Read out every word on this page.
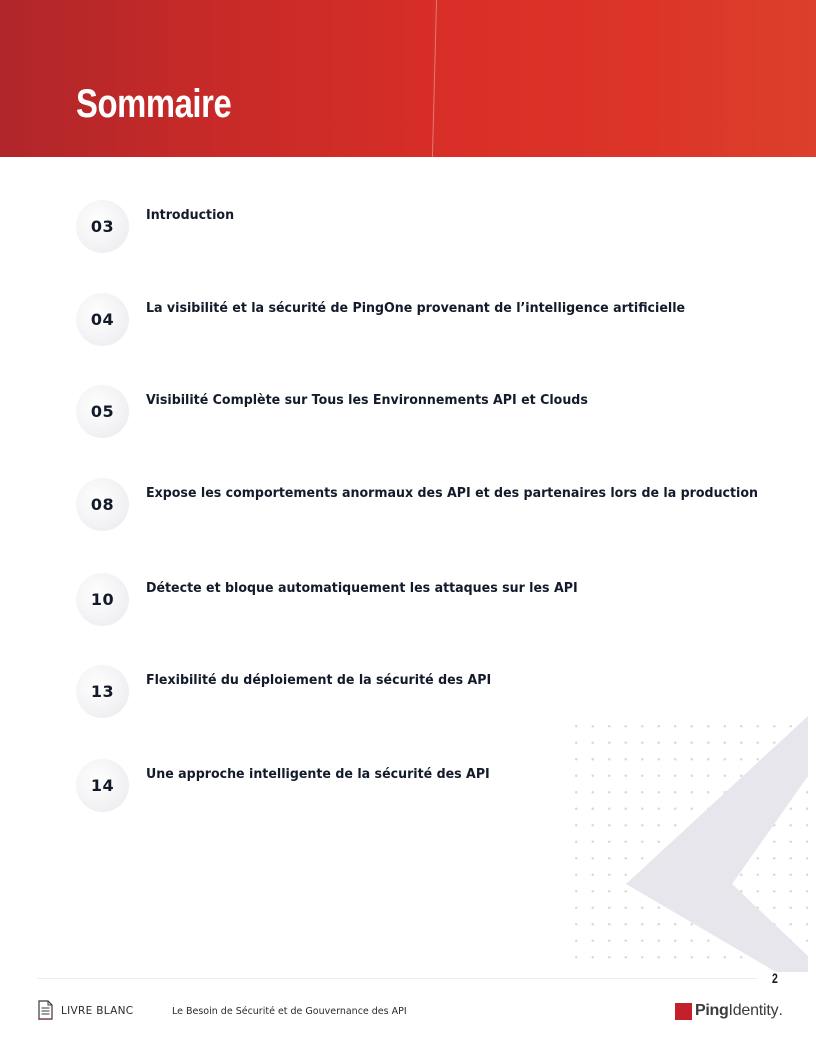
Sommaire
03
Introduction
04
La visibilité et la sécurité de PingOne provenant de l’intelligence artificielle
05
Visibilité Complète sur Tous les Environnements API et Clouds
08
Expose les comportements anormaux des API et des partenaires lors de la production
10
Détecte et bloque automatiquement les attaques sur les API
13
Flexibilité du déploiement de la sécurité des API
14
Une approche intelligente de la sécurité des API
2
LIVRE BLANC	Le Besoin de Sécurité et de Gouvernance des API	Ping Identity .
